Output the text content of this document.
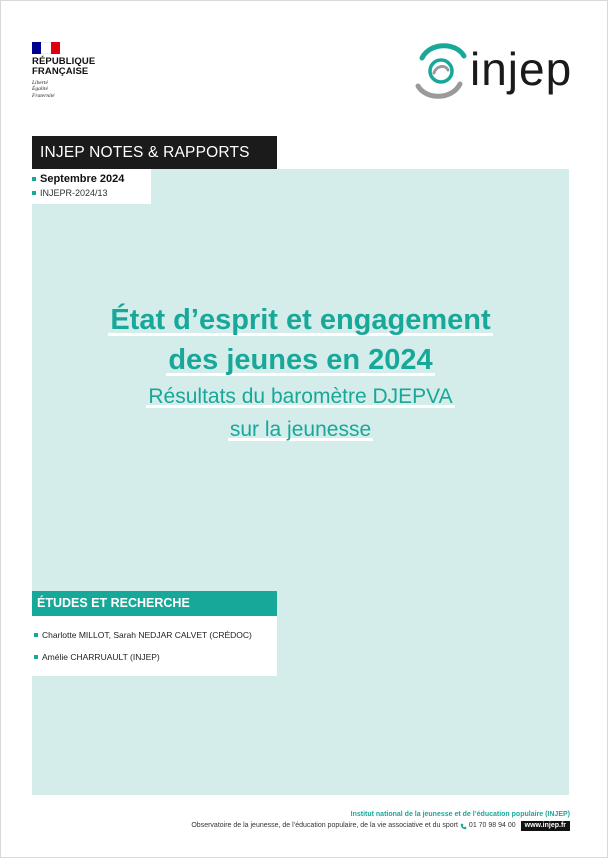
RÉPUBLIQUE
FRANÇAISE
Liberté
Égalité
Fraternité
injep
INJEP NOTES & RAPPORTS
Septembre 2024
INJEPR-2024/13
État d’esprit et engagement
des jeunes en 2024
Résultats du baromètre DJEPVA
sur la jeunesse
ÉTUDES ET RECHERCHE
Charlotte MILLOT, Sarah NEDJAR CALVET (CRÉDOC)
Amélie CHARRUAULT (INJEP)
Institut national de la jeunesse et de l’éducation populaire (INJEP)
Observatoire de la jeunesse, de l’éducation populaire, de la vie associative et du sport 01 70 98 94 00	www.injep.fr
